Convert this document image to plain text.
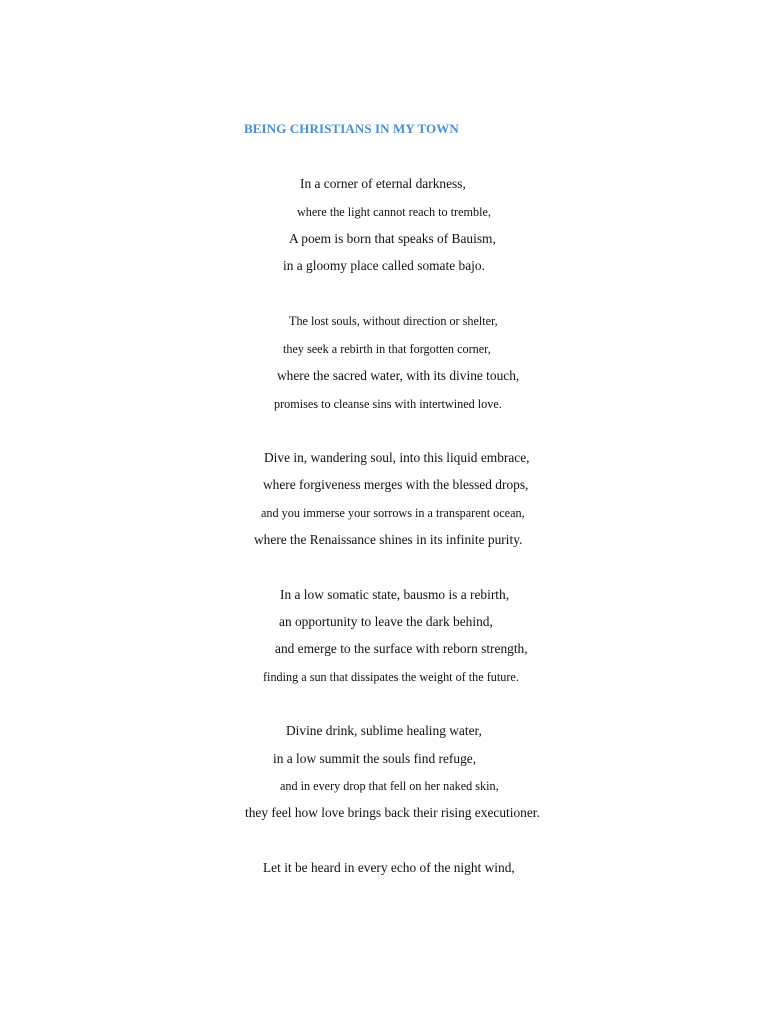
BEING CHRISTIANS IN MY TOWN
In a corner of eternal darkness,
where the light cannot reach to tremble,
A poem is born that speaks of Bauism,
in a gloomy place called somate bajo.
The lost souls, without direction or shelter,
they seek a rebirth in that forgotten corner,
where the sacred water, with its divine touch,
promises to cleanse sins with intertwined love.
Dive in, wandering soul, into this liquid embrace,
where forgiveness merges with the blessed drops,
and you immerse your sorrows in a transparent ocean,
where the Renaissance shines in its infinite purity.
In a low somatic state, bausmo is a rebirth,
an opportunity to leave the dark behind,
and emerge to the surface with reborn strength,
finding a sun that dissipates the weight of the future.
Divine drink, sublime healing water,
in a low summit the souls find refuge,
and in every drop that fell on her naked skin,
they feel how love brings back their rising executioner.
Let it be heard in every echo of the night wind,
